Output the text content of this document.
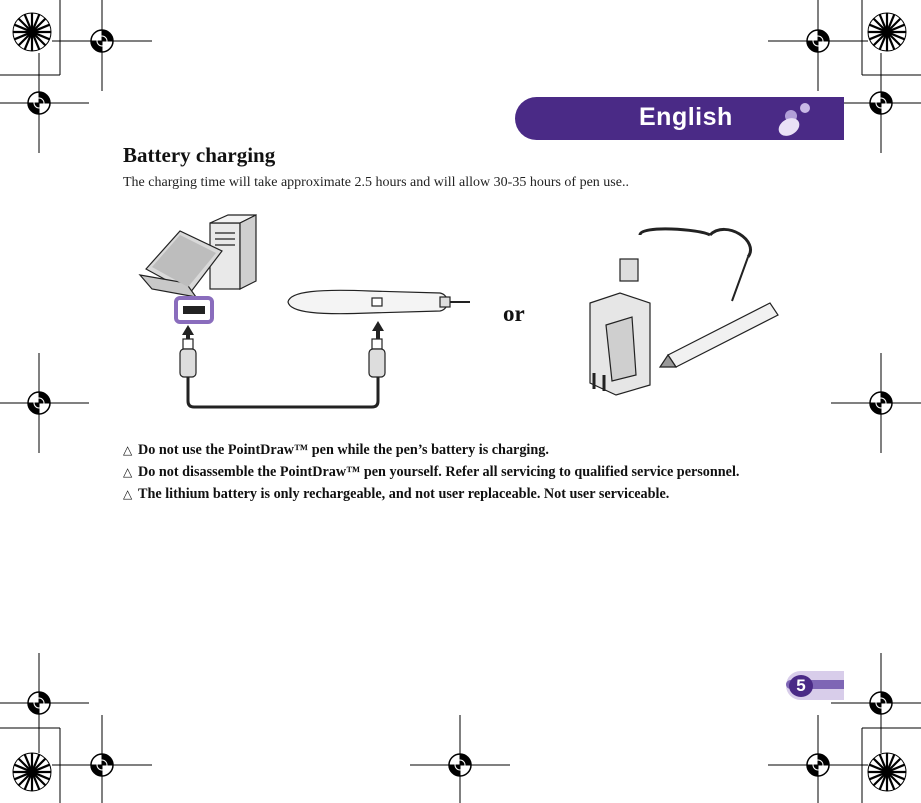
English
Battery charging
The charging time will take approximate 2.5 hours and will allow 30-35 hours of pen use..
or
△ Do not use the PointDraw™ pen while the pen’s battery is charging.
△ Do not disassemble the PointDraw™ pen yourself. Refer all servicing to qualified service personnel.
△ The lithium battery is only rechargeable, and not user replaceable. Not user serviceable.
5
